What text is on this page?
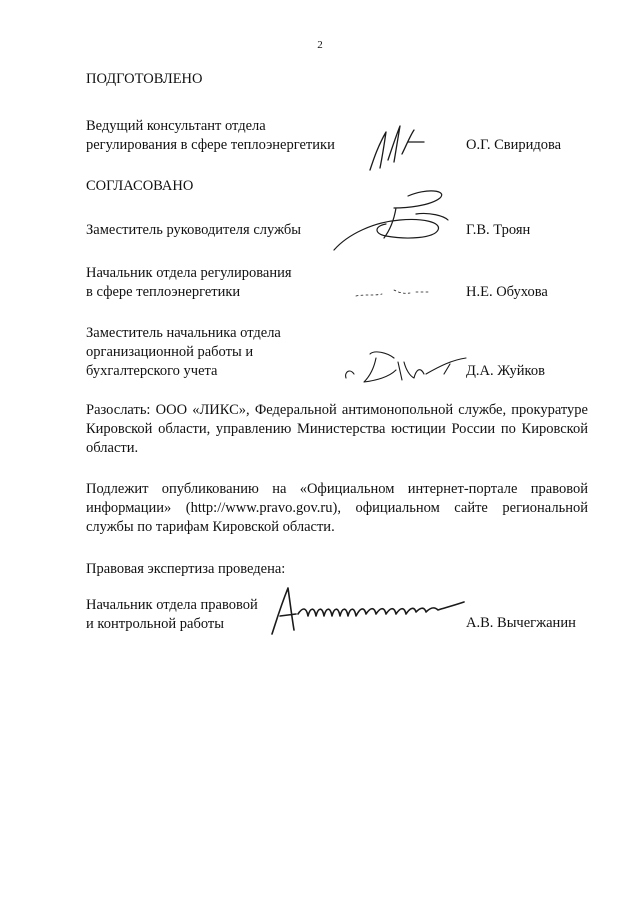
2
ПОДГОТОВЛЕНО
Ведущий консультант отдела
регулирования в сфере теплоэнергетики	О.Г. Свиридова
СОГЛАСОВАНО
Заместитель руководителя службы	Г.В. Троян
Начальник отдела регулирования
в сфере теплоэнергетики	Н.Е. Обухова
Заместитель начальника отдела
организационной работы и
бухгалтерского учета	Д.А. Жуйков
Разослать: ООО «ЛИКС», Федеральной антимонопольной службе, прокуратуре Кировской области, управлению Министерства юстиции России по Кировской области.
Подлежит опубликованию на «Официальном интернет-портале правовой информации» (http://www.pravo.gov.ru), официальном сайте региональной службы по тарифам Кировской области.
Правовая экспертиза проведена:
Начальник отдела правовой
и контрольной работы	А.В. Вычегжанин
